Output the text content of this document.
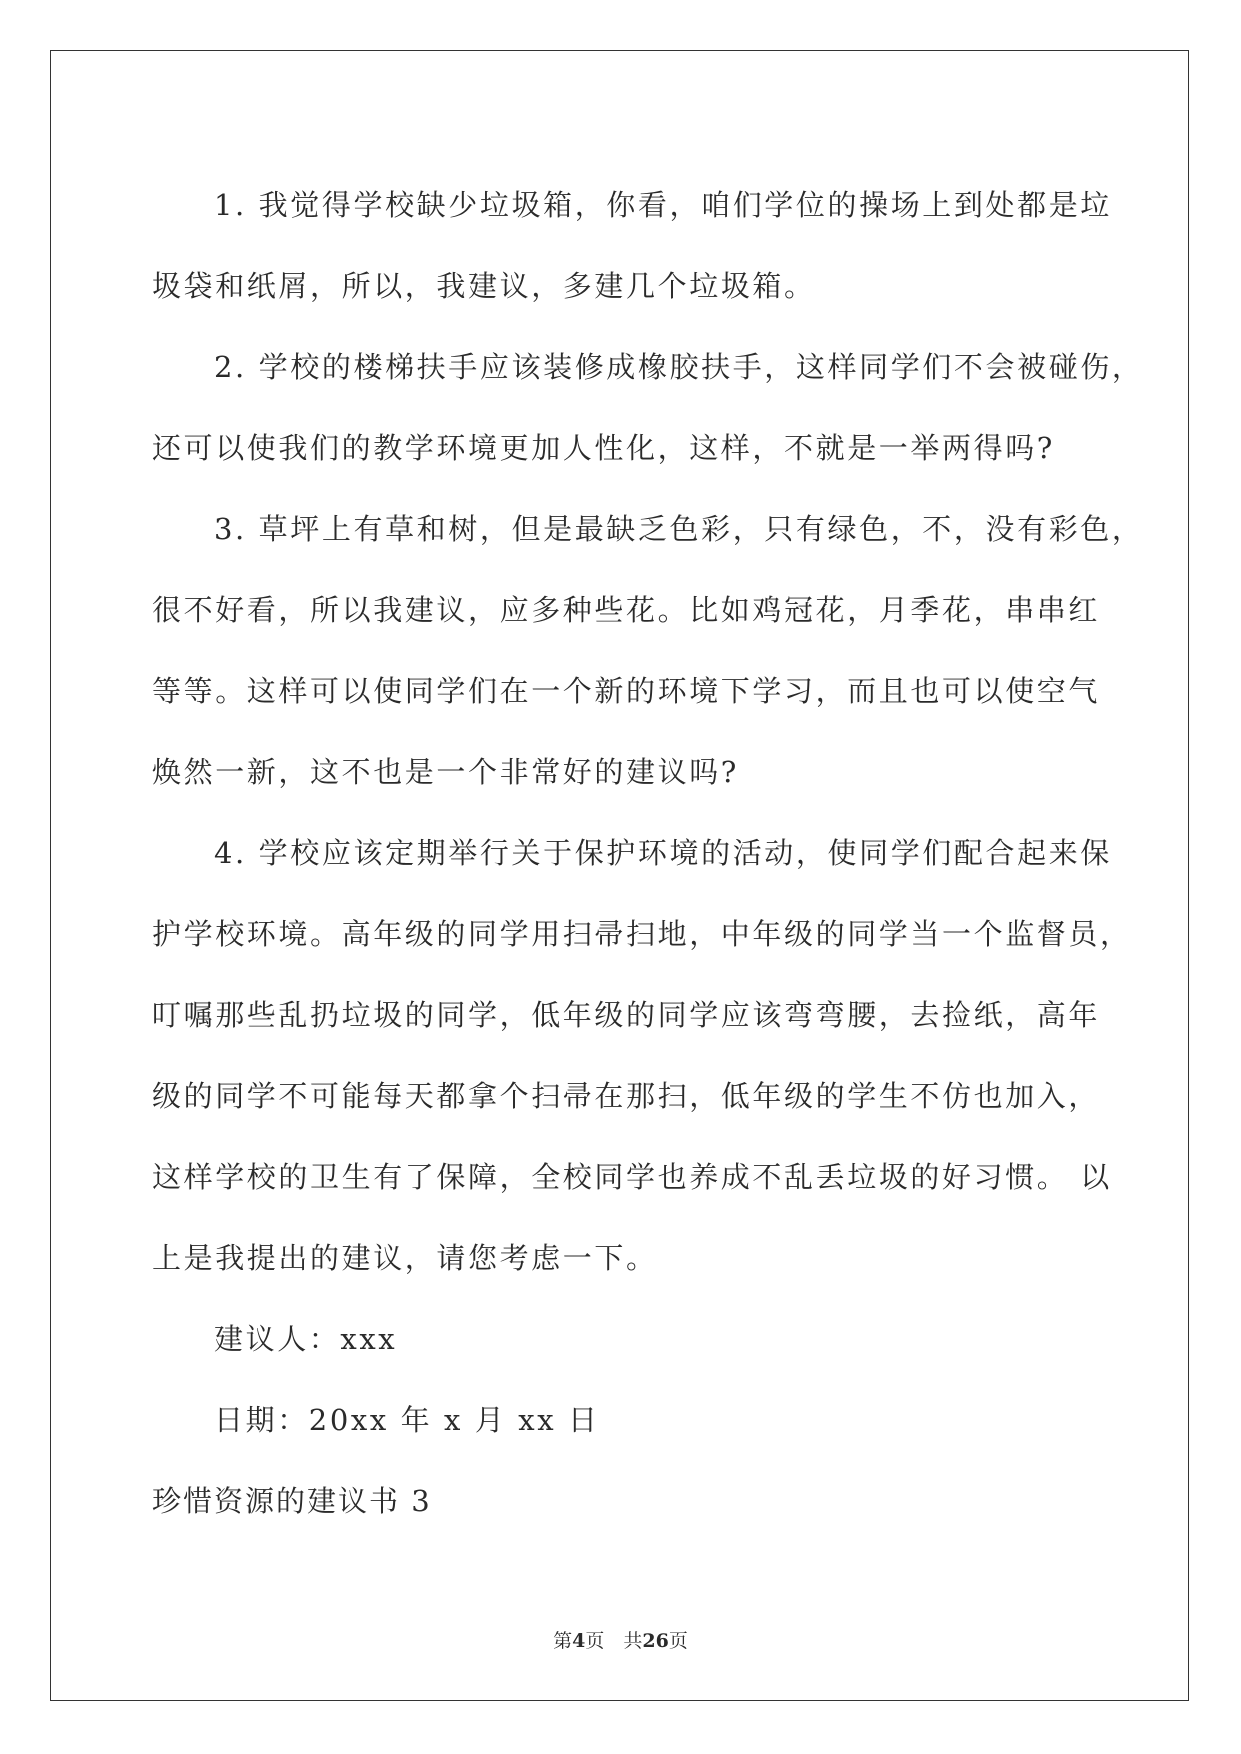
1. 我觉得学校缺少垃圾箱，你看，咱们学位的操场上到处都是垃
圾袋和纸屑，所以，我建议，多建几个垃圾箱。
2. 学校的楼梯扶手应该装修成橡胶扶手，这样同学们不会被碰伤，
还可以使我们的教学环境更加人性化，这样，不就是一举两得吗?
3. 草坪上有草和树，但是最缺乏色彩，只有绿色，不，没有彩色，
很不好看，所以我建议，应多种些花。比如鸡冠花，月季花，串串红
等等。这样可以使同学们在一个新的环境下学习，而且也可以使空气
焕然一新，这不也是一个非常好的建议吗?
4. 学校应该定期举行关于保护环境的活动，使同学们配合起来保
护学校环境。高年级的同学用扫帚扫地，中年级的同学当一个监督员，
叮嘱那些乱扔垃圾的同学，低年级的同学应该弯弯腰，去捡纸，高年
级的同学不可能每天都拿个扫帚在那扫，低年级的学生不仿也加入，
这样学校的卫生有了保障，全校同学也养成不乱丢垃圾的好习惯。 以
上是我提出的建议，请您考虑一下。
建议人：xxx
日期：20xx 年 x 月 xx 日
珍惜资源的建议书 3
第4页　共26页
